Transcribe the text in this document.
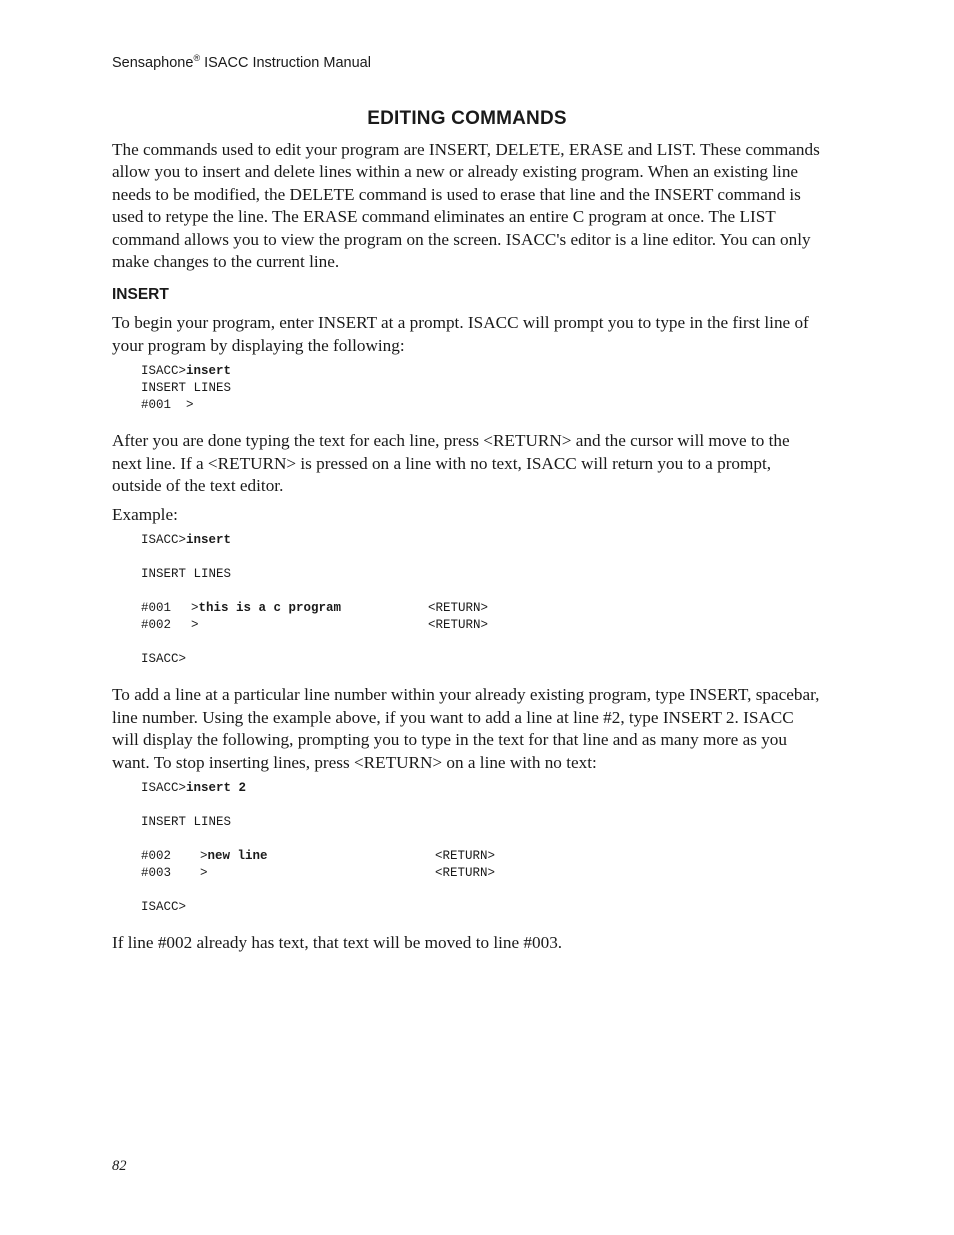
Sensaphone® ISACC Instruction Manual
EDITING COMMANDS

The commands used to edit your program are INSERT, DELETE, ERASE and LIST. These commands allow you to insert and delete lines within a new or already existing program. When an existing line needs to be modified, the DELETE command is used to erase that line and the INSERT command is used to retype the line. The ERASE command eliminates an entire C program at once. The LIST command allows you to view the program on the screen. ISACC's editor is a line editor. You can only make changes to the current line.

INSERT

To begin your program, enter INSERT at a prompt. ISACC will prompt you to type in the first line of your program by displaying the following:

ISACC>insert
INSERT LINES
#001  >

After you are done typing the text for each line, press <RETURN> and the cursor will move to the next line. If a <RETURN> is pressed on a line with no text, ISACC will return you to a prompt, outside of the text editor.

Example:

ISACC>insert
INSERT LINES
#001	>this is a c program	<RETURN>
#002	>	<RETURN>
ISACC>

To add a line at a particular line number within your already existing program, type INSERT, spacebar, line number. Using the example above, if you want to add a line at line #2, type INSERT 2. ISACC will display the following, prompting you to type in the text for that line and as many more as you want. To stop inserting lines, press <RETURN> on a line with no text:

ISACC>insert 2
INSERT LINES
#002	>new line	<RETURN>
#003	>	<RETURN>
ISACC>

If line #002 already has text, that text will be moved to line #003.

82
